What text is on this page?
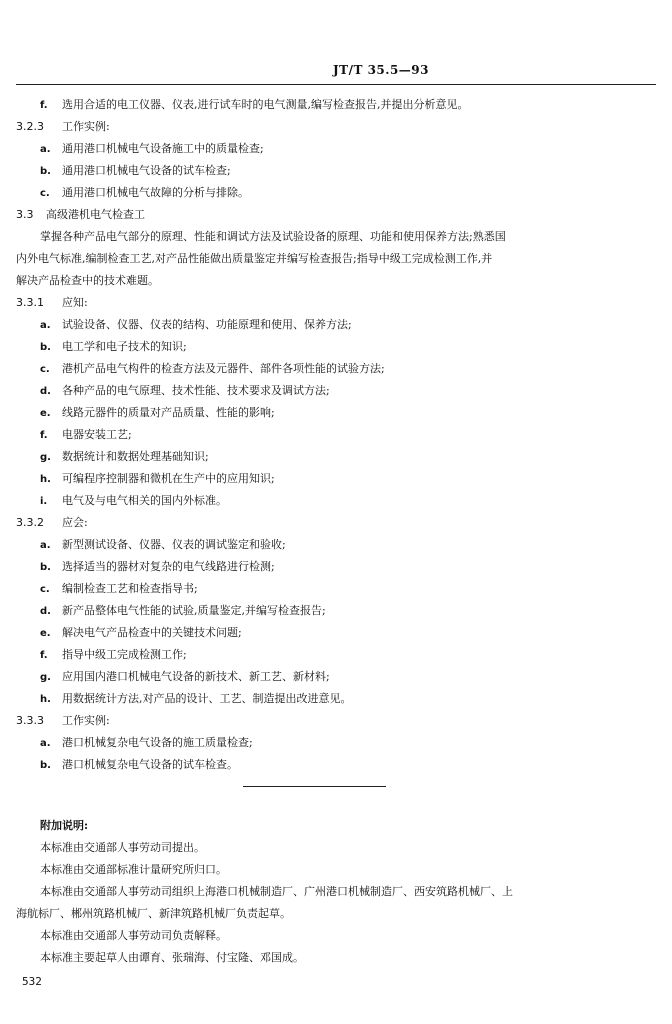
JT/T 35.5—93
f. 选用合适的电工仪器、仪表,进行试车时的电气测量,编写检查报告,并提出分析意见。
3.2.3 工作实例:
a. 通用港口机械电气设备施工中的质量检查;
b. 通用港口机械电气设备的试车检查;
c. 通用港口机械电气故障的分析与排除。
3.3 高级港机电气检查工
掌握各种产品电气部分的原理、性能和调试方法及试验设备的原理、功能和使用保养方法;熟悉国
内外电气标准,编制检查工艺,对产品性能做出质量鉴定并编写检查报告;指导中级工完成检测工作,并
解决产品检查中的技术难题。
3.3.1 应知:
a. 试验设备、仪器、仪表的结构、功能原理和使用、保养方法;
b. 电工学和电子技术的知识;
c. 港机产品电气构件的检查方法及元器件、部件各项性能的试验方法;
d. 各种产品的电气原理、技术性能、技术要求及调试方法;
e. 线路元器件的质量对产品质量、性能的影响;
f. 电器安装工艺;
g. 数据统计和数据处理基础知识;
h. 可编程序控制器和微机在生产中的应用知识;
i. 电气及与电气相关的国内外标准。
3.3.2 应会:
a. 新型测试设备、仪器、仪表的调试鉴定和验收;
b. 选择适当的器材对复杂的电气线路进行检测;
c. 编制检查工艺和检查指导书;
d. 新产品整体电气性能的试验,质量鉴定,并编写检查报告;
e. 解决电气产品检查中的关键技术问题;
f. 指导中级工完成检测工作;
g. 应用国内港口机械电气设备的新技术、新工艺、新材料;
h. 用数据统计方法,对产品的设计、工艺、制造提出改进意见。
3.3.3 工作实例:
a. 港口机械复杂电气设备的施工质量检查;
b. 港口机械复杂电气设备的试车检查。
附加说明:
本标准由交通部人事劳动司提出。
本标准由交通部标准计量研究所归口。
本标准由交通部人事劳动司组织上海港口机械制造厂、广州港口机械制造厂、西安筑路机械厂、上
海航标厂、郴州筑路机械厂、新津筑路机械厂负责起草。
本标准由交通部人事劳动司负责解释。
本标准主要起草人由谭育、张瑞海、付宝隆、邓国成。
532
